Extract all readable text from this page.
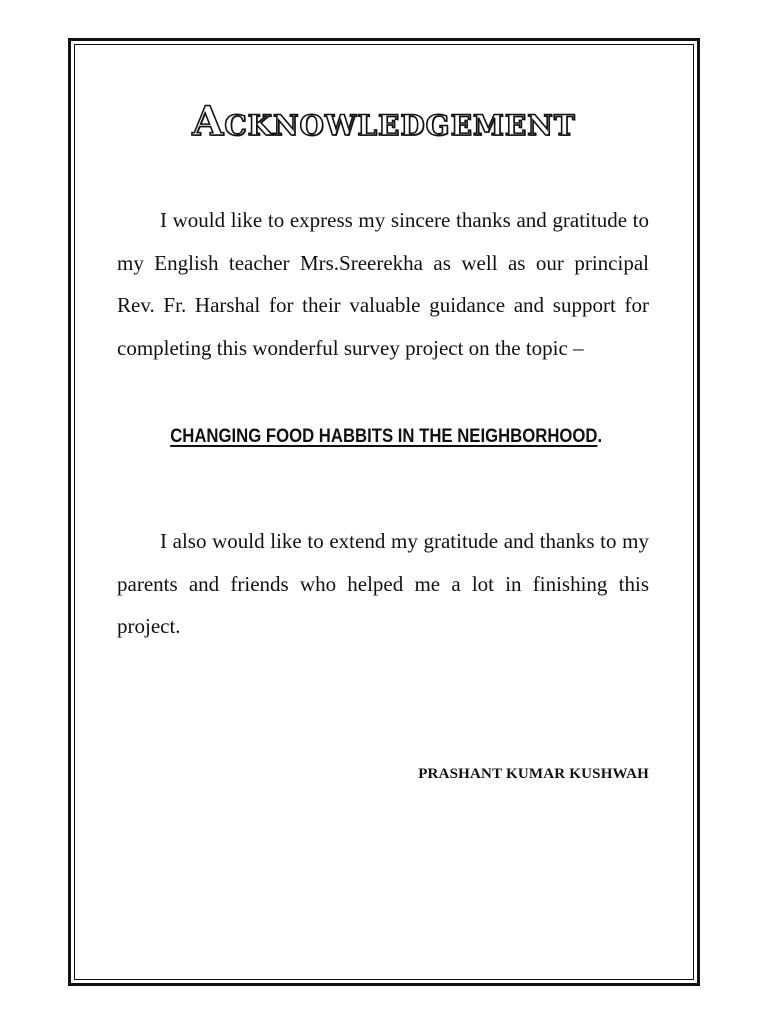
Acknowledgement

I would like to express my sincere thanks and gratitude to my English teacher Mrs.Sreerekha as well as our principal Rev. Fr. Harshal for their valuable guidance and support for completing this wonderful survey project on the topic –

CHANGING FOOD HABBITS IN THE NEIGHBORHOOD.

I also would like to extend my gratitude and thanks to my parents and friends who helped me a lot in finishing this project.

PRASHANT KUMAR KUSHWAH
